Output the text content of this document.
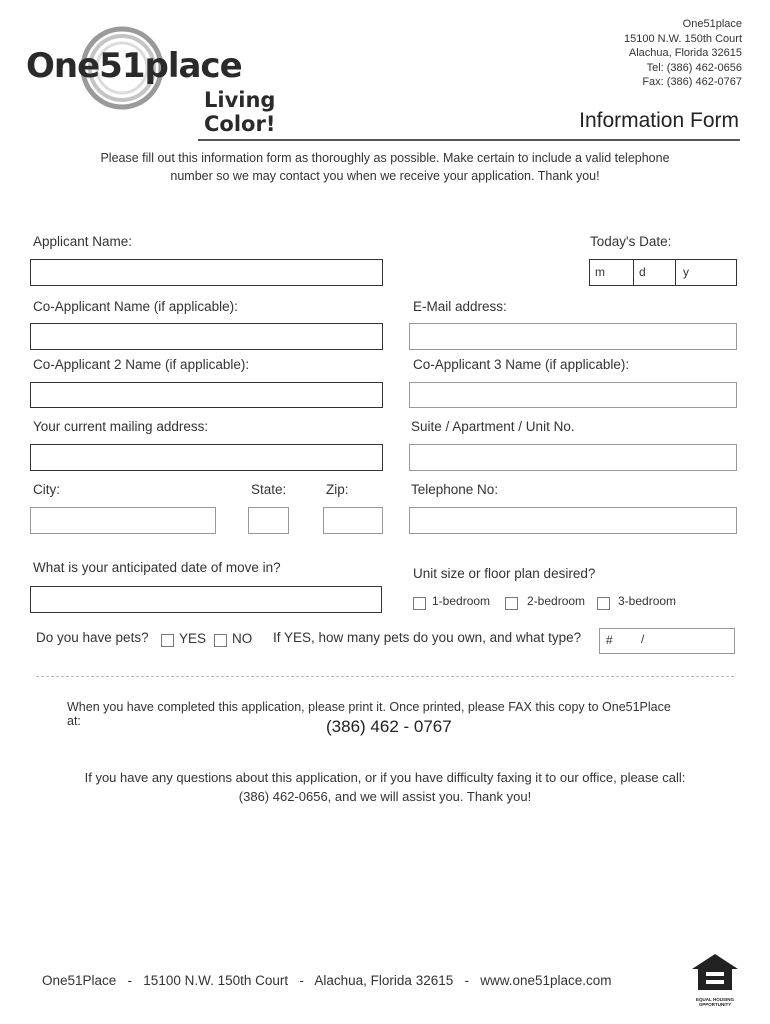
One51place
Living Color!
One51place
15100 N.W. 150th Court
Alachua, Florida 32615
Tel: (386) 462-0656
Fax: (386) 462-0767
Information Form
Please fill out this information form as thoroughly as possible. Make certain to include a valid telephone
number so we may contact you when we receive your application. Thank you!
Applicant Name:	Today's Date:
m	d	y
Co-Applicant Name (if applicable):	E-Mail address:
Co-Applicant 2 Name (if applicable):	Co-Applicant 3 Name (if applicable):
Your current mailing address:	Suite / Apartment / Unit No.
City:	State:	Zip:	Telephone No:
What is your anticipated date of move in?	Unit size or floor plan desired?
1-bedroom	2-bedroom	3-bedroom
Do you have pets? YES NO If YES, how many pets do you own, and what type? # /
When you have completed this application, please print it. Once printed, please FAX this copy to One51Place
at:	(386) 462 - 0767
If you have any questions about this application, or if you have difficulty faxing it to our office, please call:
(386) 462-0656, and we will assist you. Thank you!
One51Place   -   15100 N.W. 150th Court   -   Alachua, Florida 32615   -   www.one51place.com
EQUAL HOUSING
OPPORTUNITY
